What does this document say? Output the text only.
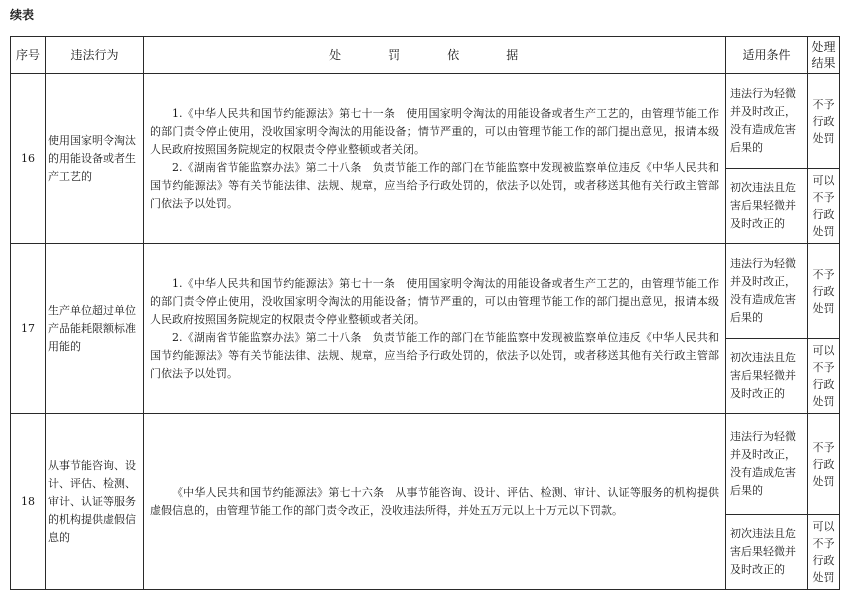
续表
序号	违法行为	处 罚 依 据	适用条件	处理
结果
16	使用国家明令淘汰的用能设备或者生产工艺的	1.《中华人民共和国节约能源法》第七十一条　使用国家明令淘汰的用能设备或者生产工艺的，由管理节能工作的部门责令停止使用，没收国家明令淘汰的用能设备；情节严重的，可以由管理节能工作的部门提出意见，报请本级人民政府按照国务院规定的权限责令停业整顿或者关闭。

2.《湖南省节能监察办法》第二十八条　负责节能工作的部门在节能监察中发现被监察单位违反《中华人民共和国节约能源法》等有关节能法律、法规、规章，应当给予行政处罚的，依法予以处罚，或者移送其他有关行政主管部门依法予以处罚。	违法行为轻微并及时改正，没有造成危害后果的	不予行政处罚
			初次违法且危害后果轻微并及时改正的	可以不予行政处罚
17	生产单位超过单位产品能耗限额标准用能的	1.《中华人民共和国节约能源法》第七十一条　使用国家明令淘汰的用能设备或者生产工艺的，由管理节能工作的部门责令停止使用，没收国家明令淘汰的用能设备；情节严重的，可以由管理节能工作的部门提出意见，报请本级人民政府按照国务院规定的权限责令停业整顿或者关闭。

2.《湖南省节能监察办法》第二十八条　负责节能工作的部门在节能监察中发现被监察单位违反《中华人民共和国节约能源法》等有关节能法律、法规、规章，应当给予行政处罚的，依法予以处罚，或者移送其他有关行政主管部门依法予以处罚。	违法行为轻微并及时改正，没有造成危害后果的	不予行政处罚
			初次违法且危害后果轻微并及时改正的	可以不予行政处罚
18	从事节能咨询、设计、评估、检测、审计、认证等服务的机构提供虚假信息的	《中华人民共和国节约能源法》第七十六条　从事节能咨询、设计、评估、检测、审计、认证等服务的机构提供虚假信息的，由管理节能工作的部门责令改正，没收违法所得，并处五万元以上十万元以下罚款。	违法行为轻微并及时改正，没有造成危害后果的	不予行政处罚
			初次违法且危害后果轻微并及时改正的	可以不予行政处罚
